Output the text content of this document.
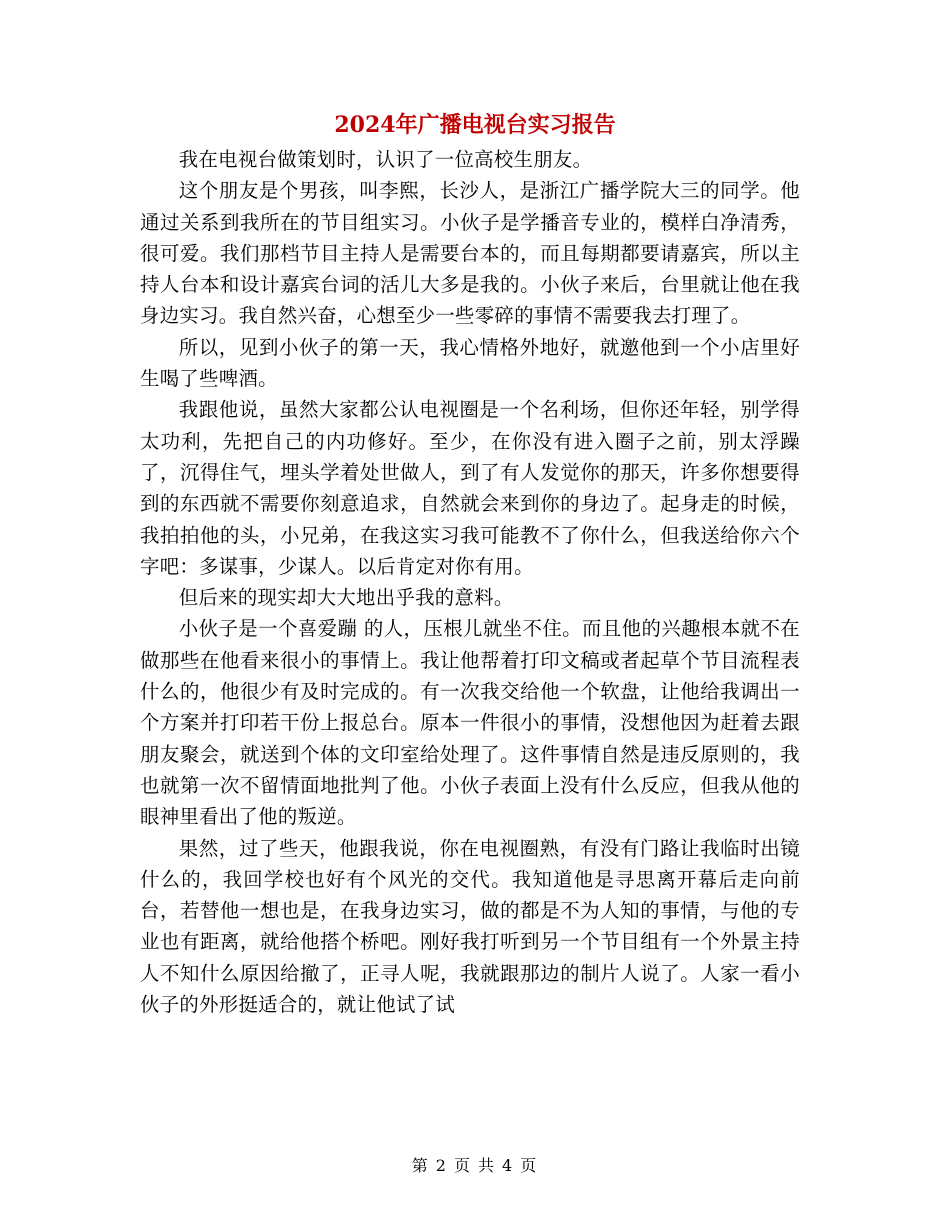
2024年广播电视台实习报告

我在电视台做策划时，认识了一位高校生朋友。

这个朋友是个男孩，叫李熙，长沙人，是浙江广播学院大三的同学。他通过关系到我所在的节目组实习。小伙子是学播音专业的，模样白净清秀，很可爱。我们那档节目主持人是需要台本的，而且每期都要请嘉宾，所以主持人台本和设计嘉宾台词的活儿大多是我的。小伙子来后，台里就让他在我身边实习。我自然兴奋，心想至少一些零碎的事情不需要我去打理了。

所以，见到小伙子的第一天，我心情格外地好，就邀他到一个小店里好生喝了些啤酒。

我跟他说，虽然大家都公认电视圈是一个名利场，但你还年轻，别学得太功利，先把自己的内功修好。至少，在你没有进入圈子之前，别太浮躁了，沉得住气，埋头学着处世做人，到了有人发觉你的那天，许多你想要得到的东西就不需要你刻意追求，自然就会来到你的身边了。起身走的时候，我拍拍他的头，小兄弟，在我这实习我可能教不了你什么，但我送给你六个字吧：多谋事，少谋人。以后肯定对你有用。

但后来的现实却大大地出乎我的意料。

小伙子是一个喜爱蹦 的人，压根儿就坐不住。而且他的兴趣根本就不在做那些在他看来很小的事情上。我让他帮着打印文稿或者起草个节目流程表什么的，他很少有及时完成的。有一次我交给他一个软盘，让他给我调出一个方案并打印若干份上报总台。原本一件很小的事情，没想他因为赶着去跟朋友聚会，就送到个体的文印室给处理了。这件事情自然是违反原则的，我也就第一次不留情面地批判了他。小伙子表面上没有什么反应，但我从他的眼神里看出了他的叛逆。

果然，过了些天，他跟我说，你在电视圈熟，有没有门路让我临时出镜什么的，我回学校也好有个风光的交代。我知道他是寻思离开幕后走向前台，若替他一想也是，在我身边实习，做的都是不为人知的事情，与他的专业也有距离，就给他搭个桥吧。刚好我打听到另一个节目组有一个外景主持人不知什么原因给撤了，正寻人呢，我就跟那边的制片人说了。人家一看小伙子的外形挺适合的，就让他试了试

第 2 页 共 4 页
